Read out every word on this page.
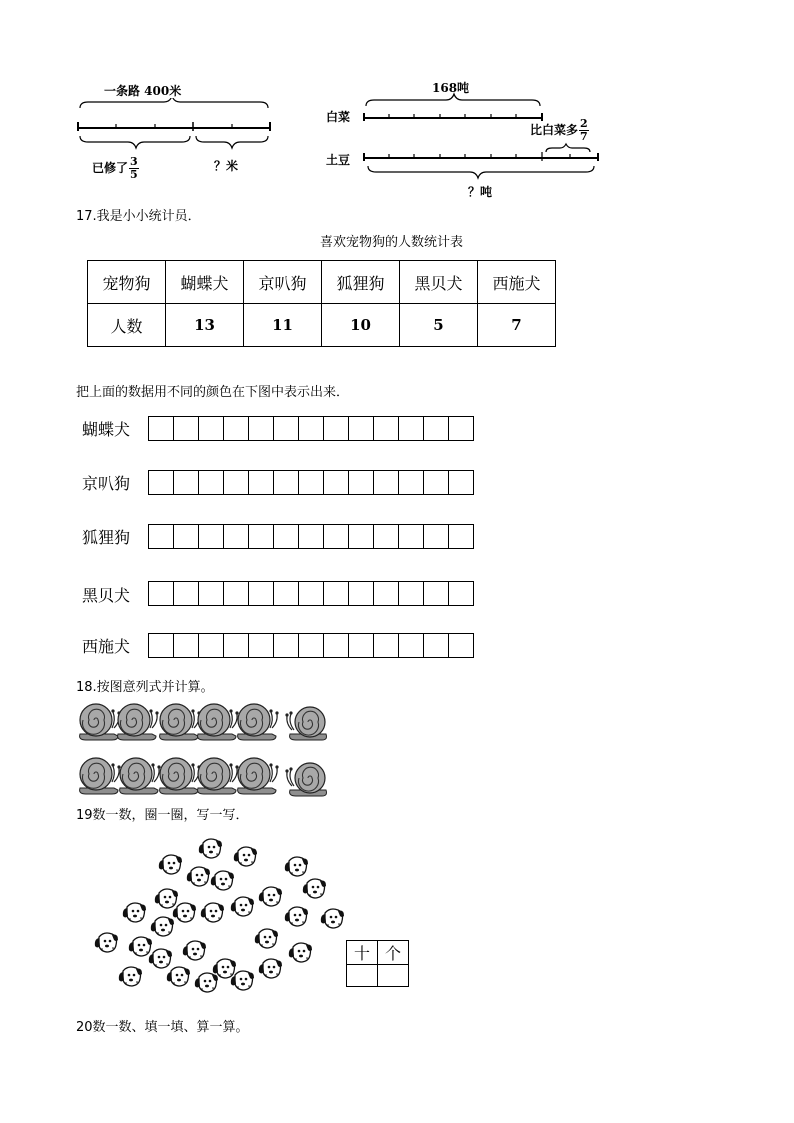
一条路 400米
已修了 $\frac{3}{5}$	？米
168吨
白菜
土豆
比白菜多 $\frac{2}{7}$
？吨
17.我是小小统计员．
喜欢宠物狗的人数统计表
宠物狗	蝴蝶犬	京叭狗	狐狸狗	黑贝犬	西施犬
人数	13	11	10	5	7
把上面的数据用不同的颜色在下图中表示出来．
蝴蝶犬
京叭狗
狐狸狗
黑贝犬
西施犬
18.按图意列式并计算。
19数一数，圈一圈，写一写．
十	个

20数一数、填一填、算一算。
